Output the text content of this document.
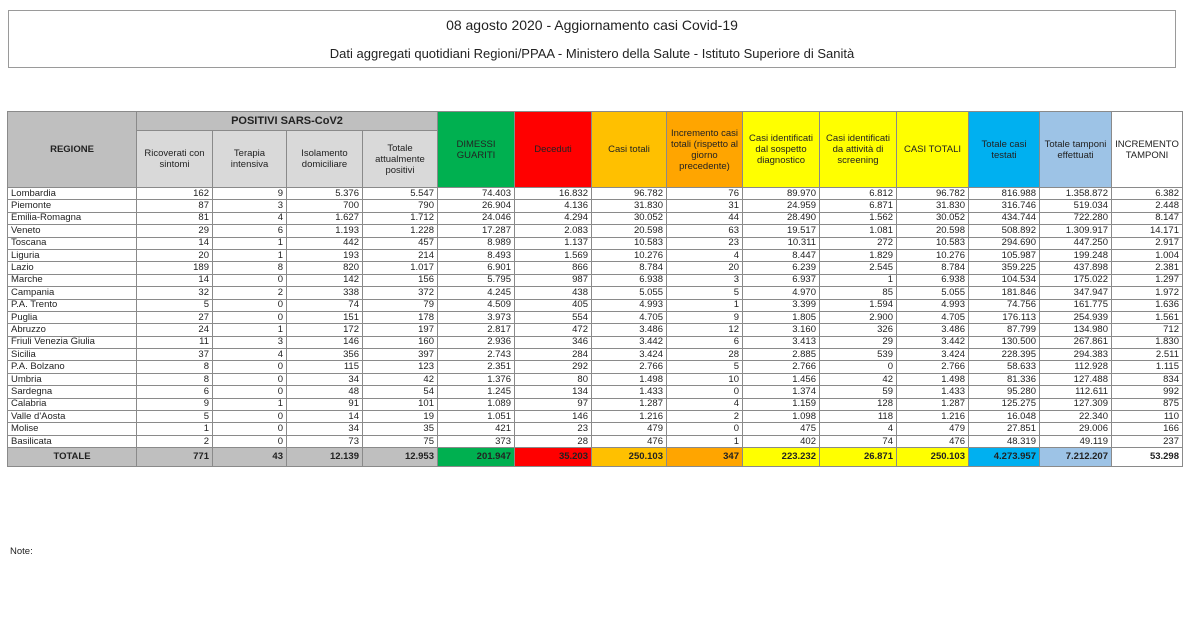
08 agosto 2020 - Aggiornamento casi Covid-19
Dati aggregati quotidiani Regioni/PPAA - Ministero della Salute - Istituto Superiore di Sanità
REGIONE	POSITIVI SARS-CoV2				DIMESSI GUARITI	Deceduti	Casi totali	Incremento casi totali (rispetto al giorno precedente)	Casi identificati dal sospetto diagnostico	Casi identificati da attività di screening	CASI TOTALI	Totale casi testati	Totale tamponi effettuati	INCREMENTO TAMPONI
	Ricoverati con sintomi	Terapia intensiva	Isolamento domiciliare	Totale attualmente positivi										
Lombardia	162	9	5.376	5.547	74.403	16.832	96.782	76	89.970	6.812	96.782	816.988	1.358.872	6.382
Piemonte	87	3	700	790	26.904	4.136	31.830	31	24.959	6.871	31.830	316.746	519.034	2.448
Emilia-Romagna	81	4	1.627	1.712	24.046	4.294	30.052	44	28.490	1.562	30.052	434.744	722.280	8.147
Veneto	29	6	1.193	1.228	17.287	2.083	20.598	63	19.517	1.081	20.598	508.892	1.309.917	14.171
Toscana	14	1	442	457	8.989	1.137	10.583	23	10.311	272	10.583	294.690	447.250	2.917
Liguria	20	1	193	214	8.493	1.569	10.276	4	8.447	1.829	10.276	105.987	199.248	1.004
Lazio	189	8	820	1.017	6.901	866	8.784	20	6.239	2.545	8.784	359.225	437.898	2.381
Marche	14	0	142	156	5.795	987	6.938	3	6.937	1	6.938	104.534	175.022	1.297
Campania	32	2	338	372	4.245	438	5.055	5	4.970	85	5.055	181.846	347.947	1.972
P.A. Trento	5	0	74	79	4.509	405	4.993	1	3.399	1.594	4.993	74.756	161.775	1.636
Puglia	27	0	151	178	3.973	554	4.705	9	1.805	2.900	4.705	176.113	254.939	1.561
Abruzzo	24	1	172	197	2.817	472	3.486	12	3.160	326	3.486	87.799	134.980	712
Friuli Venezia Giulia	11	3	146	160	2.936	346	3.442	6	3.413	29	3.442	130.500	267.861	1.830
Sicilia	37	4	356	397	2.743	284	3.424	28	2.885	539	3.424	228.395	294.383	2.511
P.A. Bolzano	8	0	115	123	2.351	292	2.766	5	2.766	0	2.766	58.633	112.928	1.115
Umbria	8	0	34	42	1.376	80	1.498	10	1.456	42	1.498	81.336	127.488	834
Sardegna	6	0	48	54	1.245	134	1.433	0	1.374	59	1.433	95.280	112.611	992
Calabria	9	1	91	101	1.089	97	1.287	4	1.159	128	1.287	125.275	127.309	875
Valle d'Aosta	5	0	14	19	1.051	146	1.216	2	1.098	118	1.216	16.048	22.340	110
Molise	1	0	34	35	421	23	479	0	475	4	479	27.851	29.006	166
Basilicata	2	0	73	75	373	28	476	1	402	74	476	48.319	49.119	237
TOTALE	771	43	12.139	12.953	201.947	35.203	250.103	347	223.232	26.871	250.103	4.273.957	7.212.207	53.298
Note:
